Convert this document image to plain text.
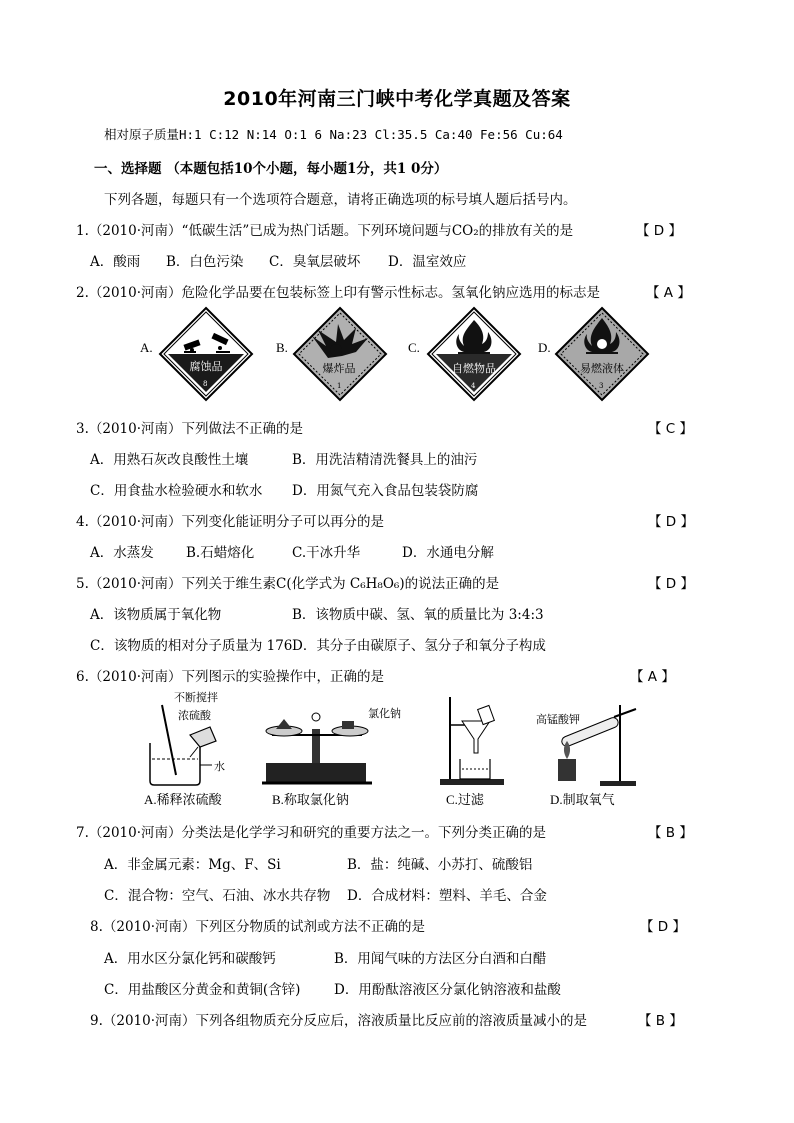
2010年河南三门峡中考化学真题及答案
相对原子质量H:1 C:12 N:14 O:1 6 Na:23 Cl:35.5 Ca:40 Fe:56 Cu:64
一、选择题 （本题包括10个小题，每小题1分，共1 0分）
下列各题，每题只有一个选项符合题意，请将正确选项的标号填人题后括号内。
1.（2010·河南）“低碳生活”已成为热门话题。下列环境问题与CO₂的排放有关的是	【 D 】
A．酸雨 B．白色污染 C．臭氧层破坏 D．温室效应
2.（2010·河南）危险化学品要在包装标签上印有警示性标志。氢氧化钠应选用的标志是	【 A 】
A.
腐蚀品
8
B.
爆炸品
1
C.
自燃物品
4
D.
易燃液体
3
3.（2010·河南）下列做法不正确的是	【 C 】
A．用熟石灰改良酸性土壤	B．用洗洁精清洗餐具上的油污
C．用食盐水检验硬水和软水 D．用氮气充入食品包装袋防腐
4.（2010·河南）下列变化能证明分子可以再分的是	【 D 】
A．水蒸发 B.石蜡熔化	C.干冰升华	D．水通电分解
5.（2010·河南）下列关于维生素C(化学式为 C₆H₈O₆)的说法正确的是	【 D 】
A．该物质属于氧化物	B．该物质中碳、氢、氧的质量比为 3:4:3
C．该物质的相对分子质量为 176 D．其分子由碳原子、氢分子和氧分子构成
6.（2010·河南）下列图示的实验操作中，正确的是	【 A 】
不断搅拌
浓硫酸
水
A.稀释浓硫酸
氯化钠
B.称取氯化钠	C.过滤
高锰酸钾
D.制取氧气
7.（2010·河南）分类法是化学学习和研究的重要方法之一。下列分类正确的是	【 B 】
A．非金属元素：Mg、F、Si	B．盐：纯碱、小苏打、硫酸铝
C．混合物：空气、石油、冰水共存物 D．合成材料：塑料、羊毛、合金
8.（2010·河南）下列区分物质的试剂或方法不正确的是	【 D 】
A．用水区分氯化钙和碳酸钙	B．用闻气味的方法区分白酒和白醋
C．用盐酸区分黄金和黄铜(含锌) D．用酚酞溶液区分氯化钠溶液和盐酸
9.（2010·河南）下列各组物质充分反应后，溶液质量比反应前的溶液质量减小的是	【 B 】
